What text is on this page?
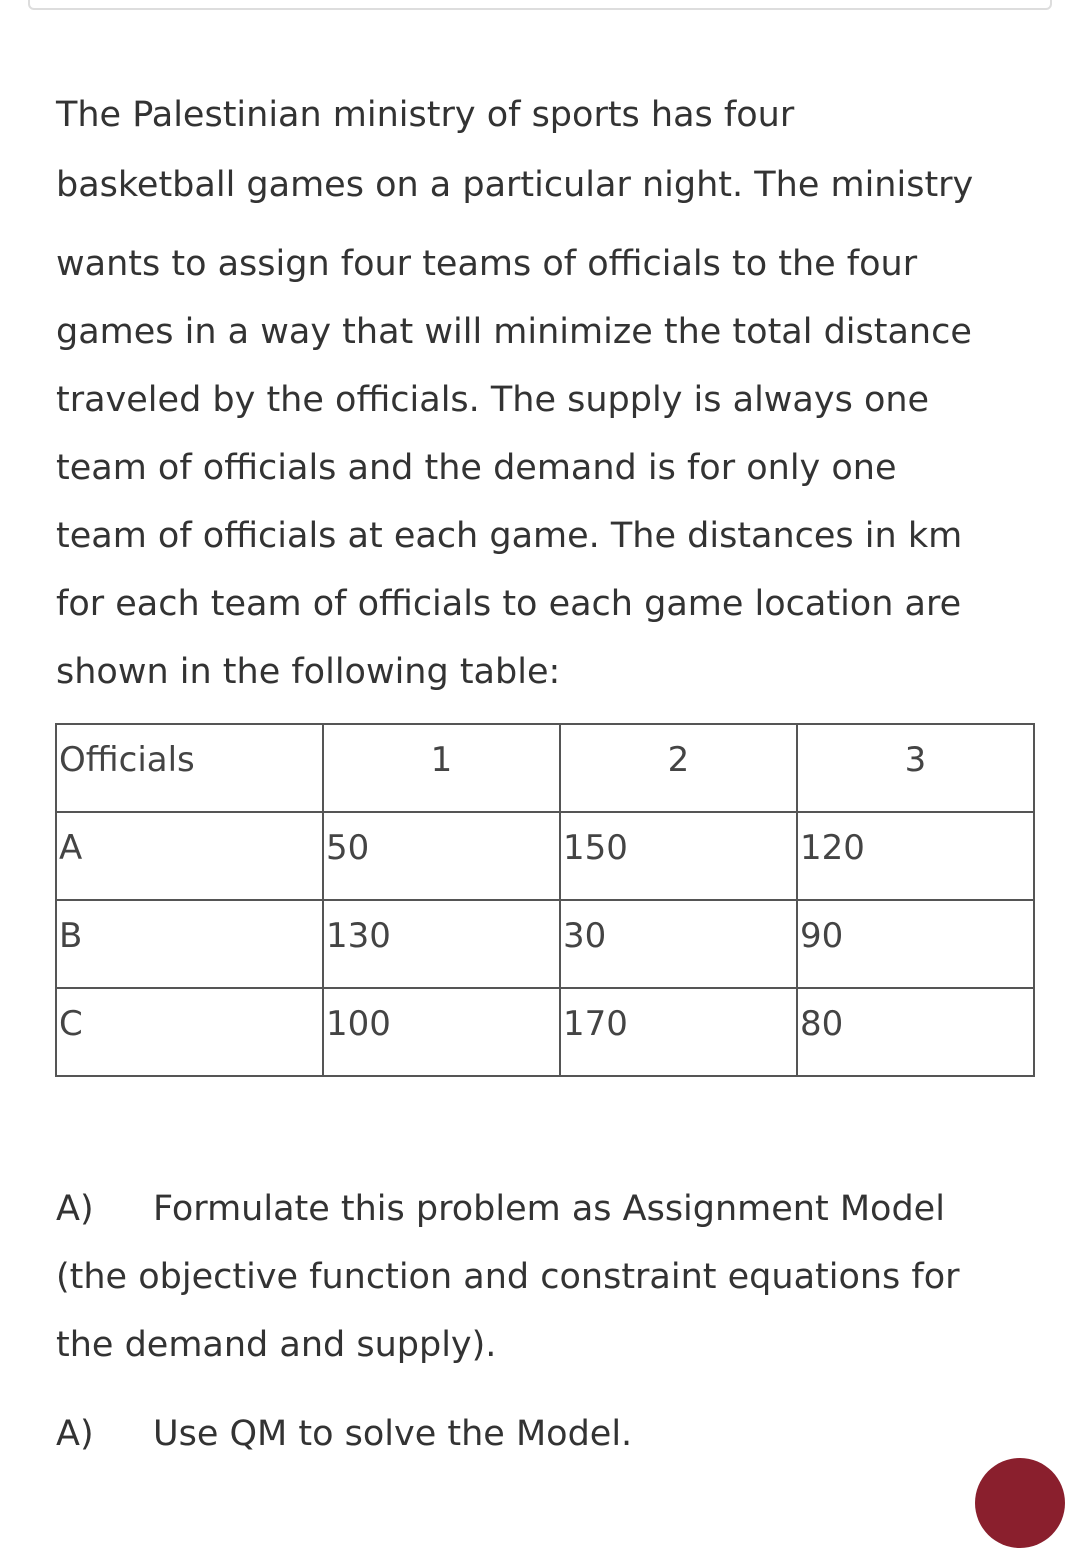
The Palestinian ministry of sports has four
basketball games on a particular night. The ministry

wants to assign four teams of officials to the four
games in a way that will minimize the total distance
traveled by the officials. The supply is always one
team of officials and the demand is for only one
team of officials at each game. The distances in km
for each team of officials to each game location are
shown in the following table:

Officials	1	2	3
A	50	150	120
B	130	30	90
C	100	170	80

A) Formulate this problem as Assignment Model
(the objective function and constraint equations for
the demand and supply).

A) Use QM to solve the Model.
